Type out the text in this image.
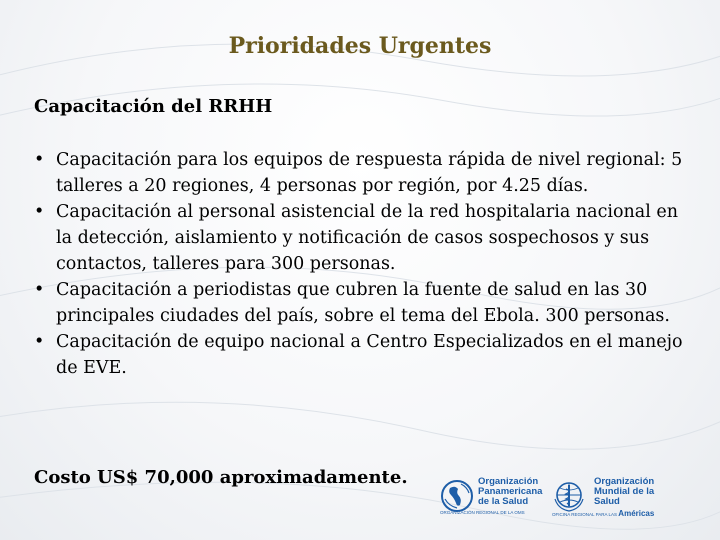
Prioridades Urgentes
Capacitación del RRHH
• Capacitación para los equipos de respuesta rápida de nivel regional: 5 talleres a 20 regiones, 4 personas por región, por 4.25 días.
• Capacitación al personal asistencial de la red hospitalaria nacional en la detección, aislamiento y notificación de casos sospechosos y sus contactos, talleres para 300 personas.
• Capacitación a periodistas que cubren la fuente de salud en las 30 principales ciudades del país, sobre el tema del Ebola. 300 personas.
• Capacitación de equipo nacional a Centro Especializados en el manejo de EVE.
Costo US$ 70,000 aproximadamente.	Organización
Panamericana
de la Salud
ORGANIZACIÓN REGIONAL DE LA OMS
Organización
Mundial de la Salud
OFICINA REGIONAL PARA LAS Américas
